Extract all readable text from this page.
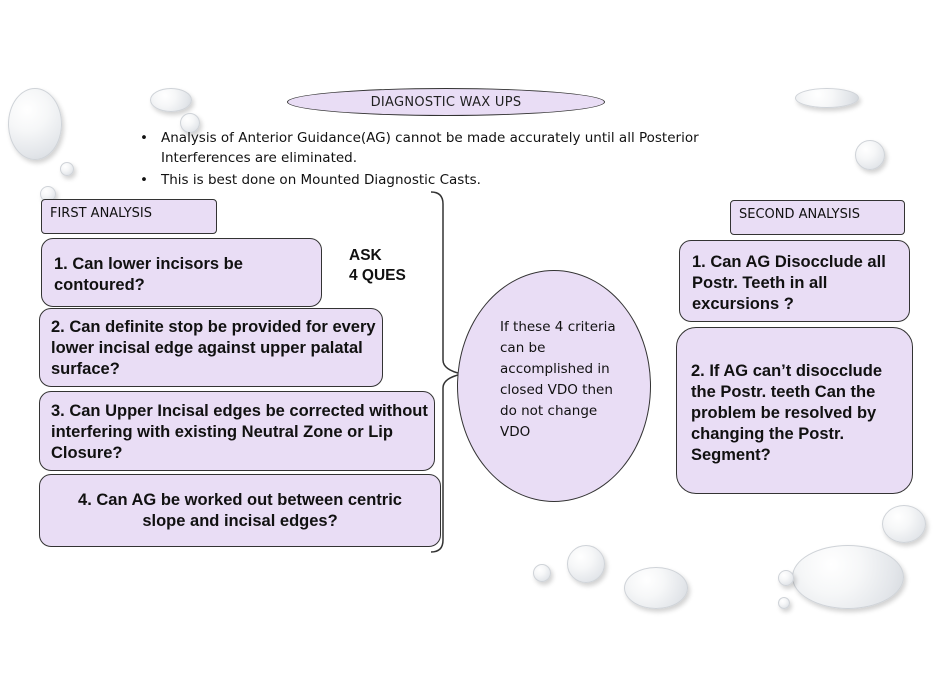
DIAGNOSTIC WAX UPS
• Analysis of Anterior Guidance(AG) cannot be made accurately until all Posterior Interferences are eliminated.
• This is best done on Mounted Diagnostic Casts.
FIRST ANALYSIS
1. Can lower incisors be contoured?
2. Can definite stop be provided for every lower incisal edge against upper palatal surface?
3. Can Upper Incisal edges be corrected without interfering with existing Neutral Zone or Lip Closure?
4. Can AG be worked out between centric slope and incisal edges?
ASK
4 QUES
If these 4 criteria can be accomplished in closed VDO then do not change VDO
SECOND ANALYSIS
1. Can AG Disocclude all Postr. Teeth in all excursions ?
2. If AG can’t disocclude the Postr. teeth Can the problem be resolved by changing the Postr. Segment?
